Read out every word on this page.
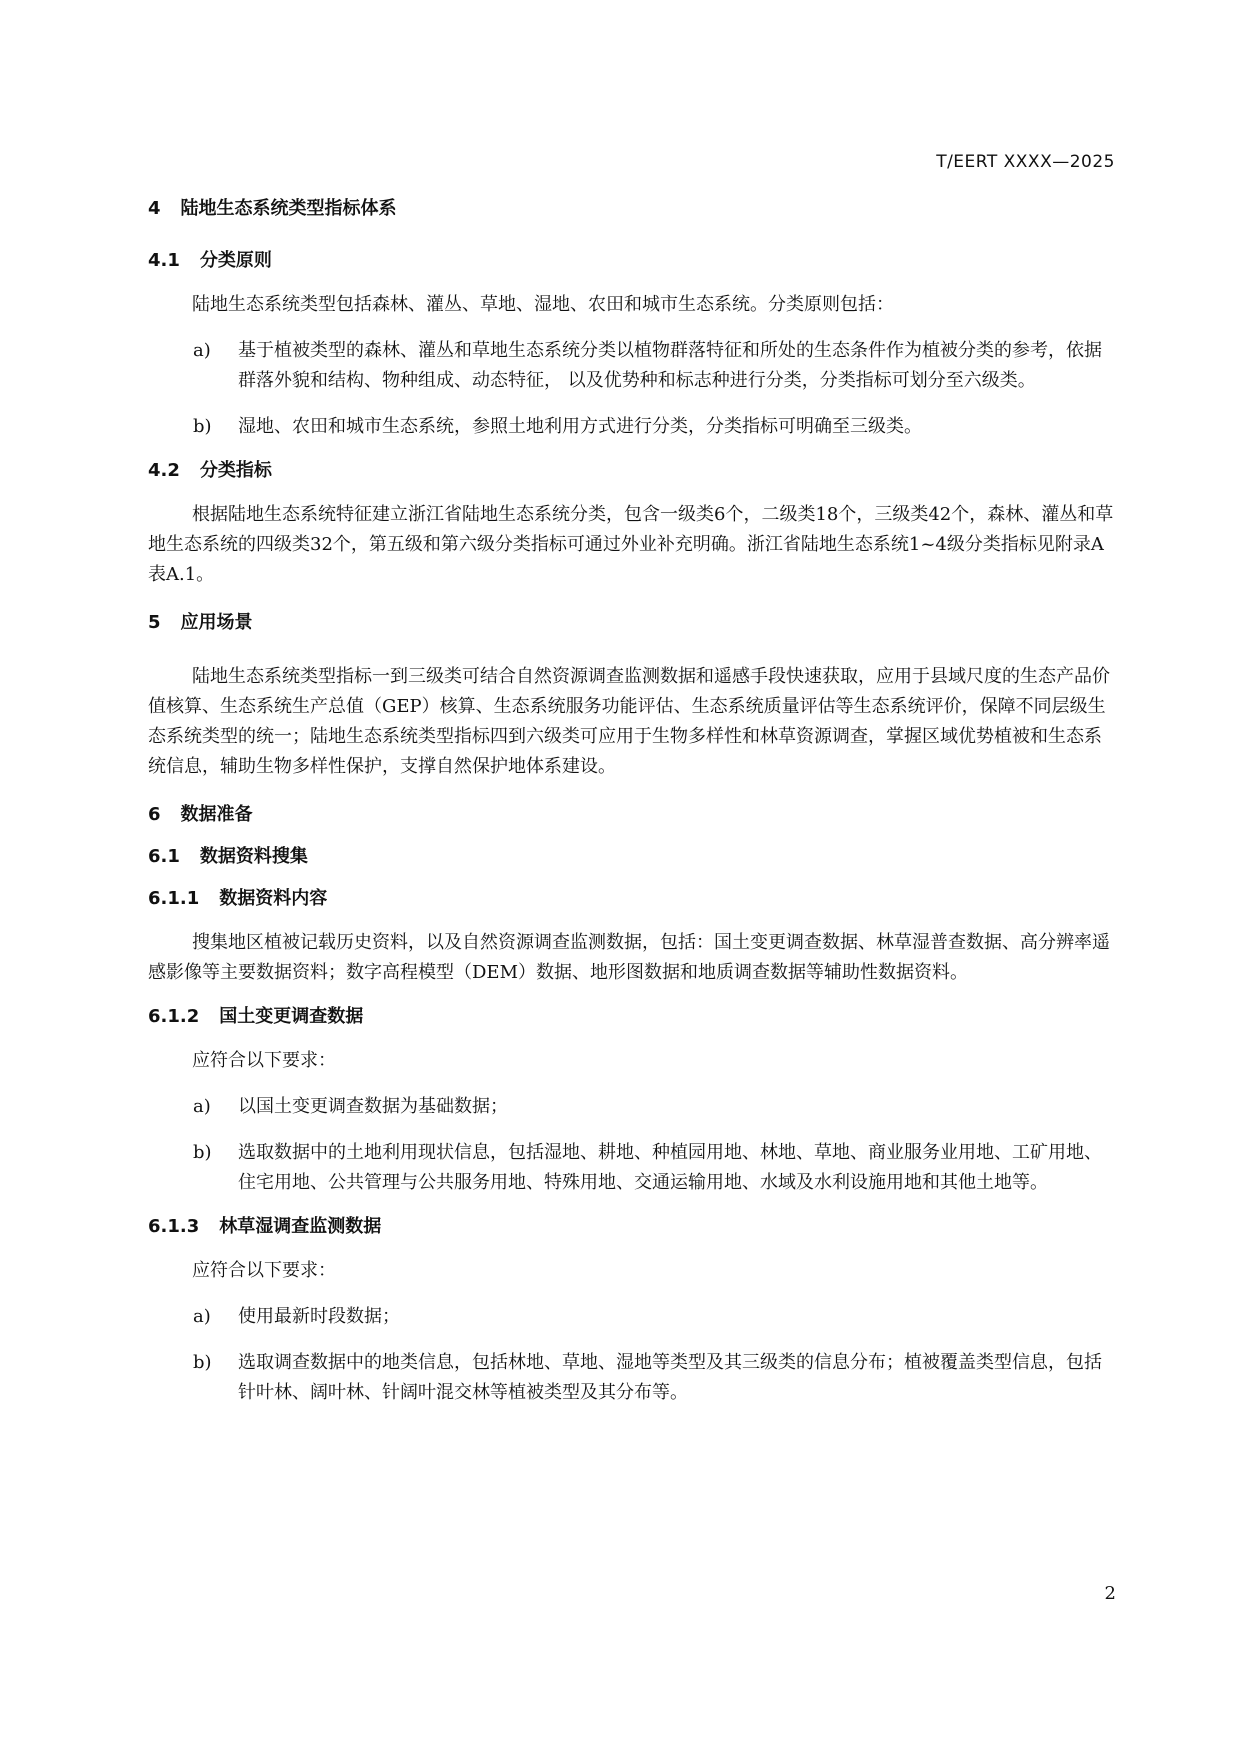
T/EERT XXXX—2025
4 陆地生态系统类型指标体系
4.1 分类原则

陆地生态系统类型包括森林、灌丛、草地、湿地、农田和城市生态系统。分类原则包括：

a) 基于植被类型的森林、灌丛和草地生态系统分类以植物群落特征和所处的生态条件作为植被分类的参考，依据群落外貌和结构、物种组成、动态特征， 以及优势种和标志种进行分类，分类指标可划分至六级类。
b) 湿地、农田和城市生态系统，参照土地利用方式进行分类，分类指标可明确至三级类。
4.2 分类指标

根据陆地生态系统特征建立浙江省陆地生态系统分类，包含一级类6个，二级类18个，三级类42个，森林、灌丛和草地生态系统的四级类32个，第五级和第六级分类指标可通过外业补充明确。浙江省陆地生态系统1~4级分类指标见附录A表A.1。

5 应用场景

陆地生态系统类型指标一到三级类可结合自然资源调查监测数据和遥感手段快速获取，应用于县域尺度的生态产品价值核算、生态系统生产总值（GEP）核算、生态系统服务功能评估、生态系统质量评估等生态系统评价，保障不同层级生态系统类型的统一；陆地生态系统类型指标四到六级类可应用于生物多样性和林草资源调查，掌握区域优势植被和生态系统信息，辅助生物多样性保护，支撑自然保护地体系建设。

6 数据准备
6.1 数据资料搜集
6.1.1 数据资料内容

搜集地区植被记载历史资料，以及自然资源调查监测数据，包括：国土变更调查数据、林草湿普查数据、高分辨率遥感影像等主要数据资料；数字高程模型（DEM）数据、地形图数据和地质调查数据等辅助性数据资料。

6.1.2 国土变更调查数据

应符合以下要求：

a) 以国土变更调查数据为基础数据；
b) 选取数据中的土地利用现状信息，包括湿地、耕地、种植园用地、林地、草地、商业服务业用地、工矿用地、住宅用地、公共管理与公共服务用地、特殊用地、交通运输用地、水域及水利设施用地和其他土地等。
6.1.3 林草湿调查监测数据

应符合以下要求：

a) 使用最新时段数据；
b) 选取调查数据中的地类信息，包括林地、草地、湿地等类型及其三级类的信息分布；植被覆盖类型信息，包括针叶林、阔叶林、针阔叶混交林等植被类型及其分布等。
2
